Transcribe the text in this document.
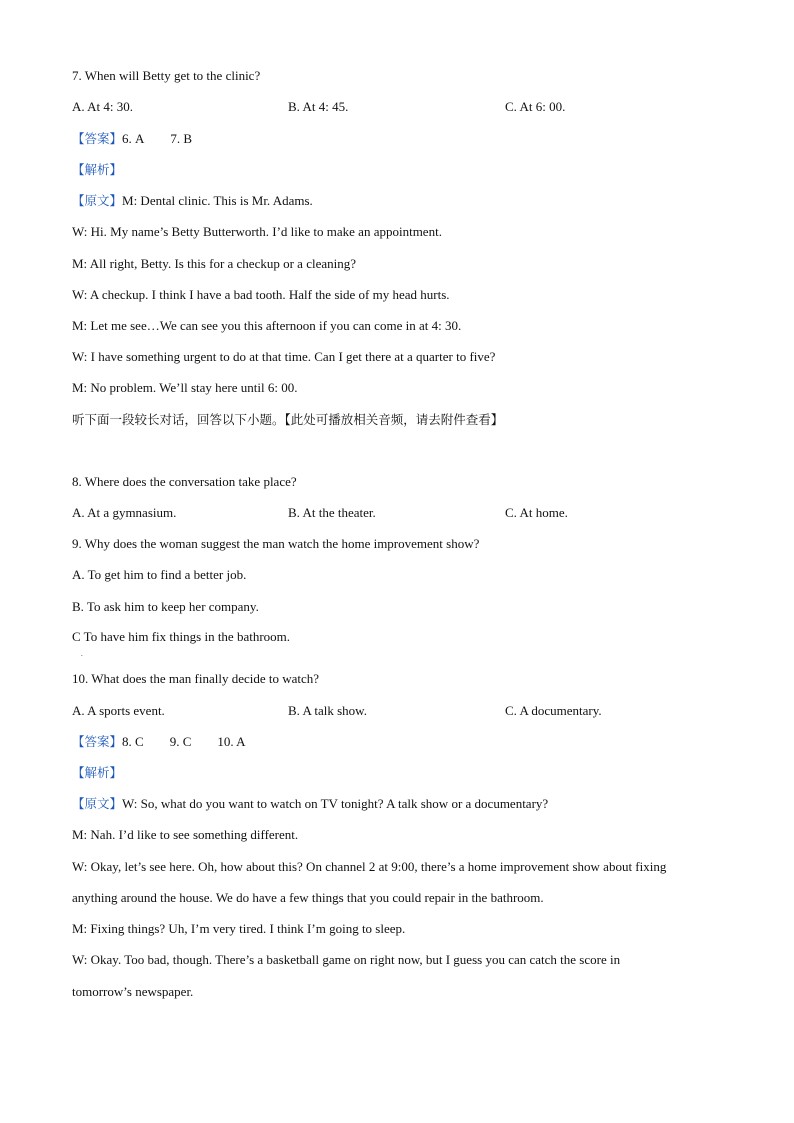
7. When will Betty get to the clinic?
A. At 4: 30.	B. At 4: 45.	C. At 6: 00.
【答案】6. A 7. B
【解析】
【原文】M: Dental clinic. This is Mr. Adams.
W: Hi. My name’s Betty Butterworth. I’d like to make an appointment.
M: All right, Betty. Is this for a checkup or a cleaning?
W: A checkup. I think I have a bad tooth. Half the side of my head hurts.
M: Let me see…We can see you this afternoon if you can come in at 4: 30.
W: I have something urgent to do at that time. Can I get there at a quarter to five?
M: No problem. We’ll stay here until 6: 00.
听下面一段较长对话，回答以下小题。【此处可播放相关音频，请去附件查看】
8. Where does the conversation take place?
A. At a gymnasium.	B. At the theater.	C. At home.
9. Why does the woman suggest the man watch the home improvement show?
A. To get him to find a better job.
B. To ask him to keep her company.
C To have him fix things in the bathroom.
.
10. What does the man finally decide to watch?
A. A sports event.	B. A talk show.	C. A documentary.
【答案】8. C 9. C 10. A
【解析】
【原文】W: So, what do you want to watch on TV tonight? A talk show or a documentary?
M: Nah. I’d like to see something different.
W: Okay, let’s see here. Oh, how about this? On channel 2 at 9:00, there’s a home improvement show about fixing
anything around the house. We do have a few things that you could repair in the bathroom.
M: Fixing things? Uh, I’m very tired. I think I’m going to sleep.
W: Okay. Too bad, though. There’s a basketball game on right now, but I guess you can catch the score in
tomorrow’s newspaper.
